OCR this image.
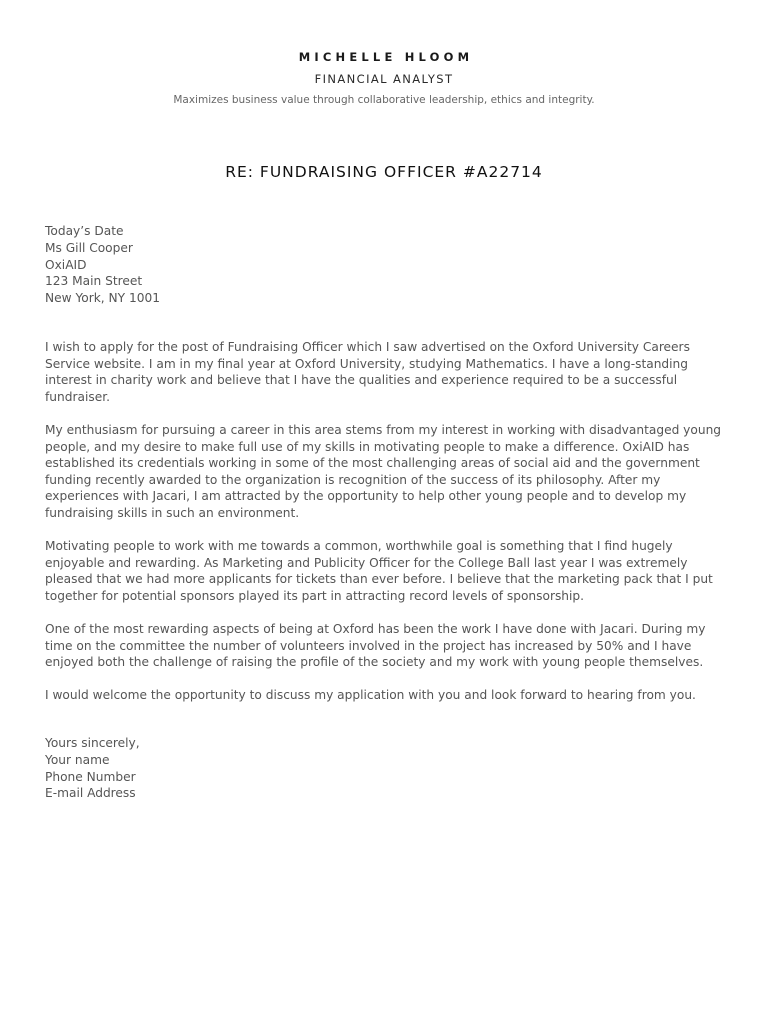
MICHELLE HLOOM
FINANCIAL ANALYST
Maximizes business value through collaborative leadership, ethics and integrity.
RE: FUNDRAISING OFFICER #A22714
Today’s Date
Ms Gill Cooper
OxiAID
123 Main Street
New York, NY 1001

I wish to apply for the post of Fundraising Officer which I saw advertised on the Oxford University Careers Service website. I am in my final year at Oxford University, studying Mathematics. I have a long-standing interest in charity work and believe that I have the qualities and experience required to be a successful fundraiser.

My enthusiasm for pursuing a career in this area stems from my interest in working with disadvantaged young people, and my desire to make full use of my skills in motivating people to make a difference. OxiAID has established its credentials working in some of the most challenging areas of social aid and the government funding recently awarded to the organization is recognition of the success of its philosophy. After my experiences with Jacari, I am attracted by the opportunity to help other young people and to develop my fundraising skills in such an environment.

Motivating people to work with me towards a common, worthwhile goal is something that I find hugely enjoyable and rewarding. As Marketing and Publicity Officer for the College Ball last year I was extremely pleased that we had more applicants for tickets than ever before. I believe that the marketing pack that I put together for potential sponsors played its part in attracting record levels of sponsorship.

One of the most rewarding aspects of being at Oxford has been the work I have done with Jacari. During my time on the committee the number of volunteers involved in the project has increased by 50% and I have enjoyed both the challenge of raising the profile of the society and my work with young people themselves.

I would welcome the opportunity to discuss my application with you and look forward to hearing from you.

Yours sincerely,
Your name
Phone Number
E-mail Address
